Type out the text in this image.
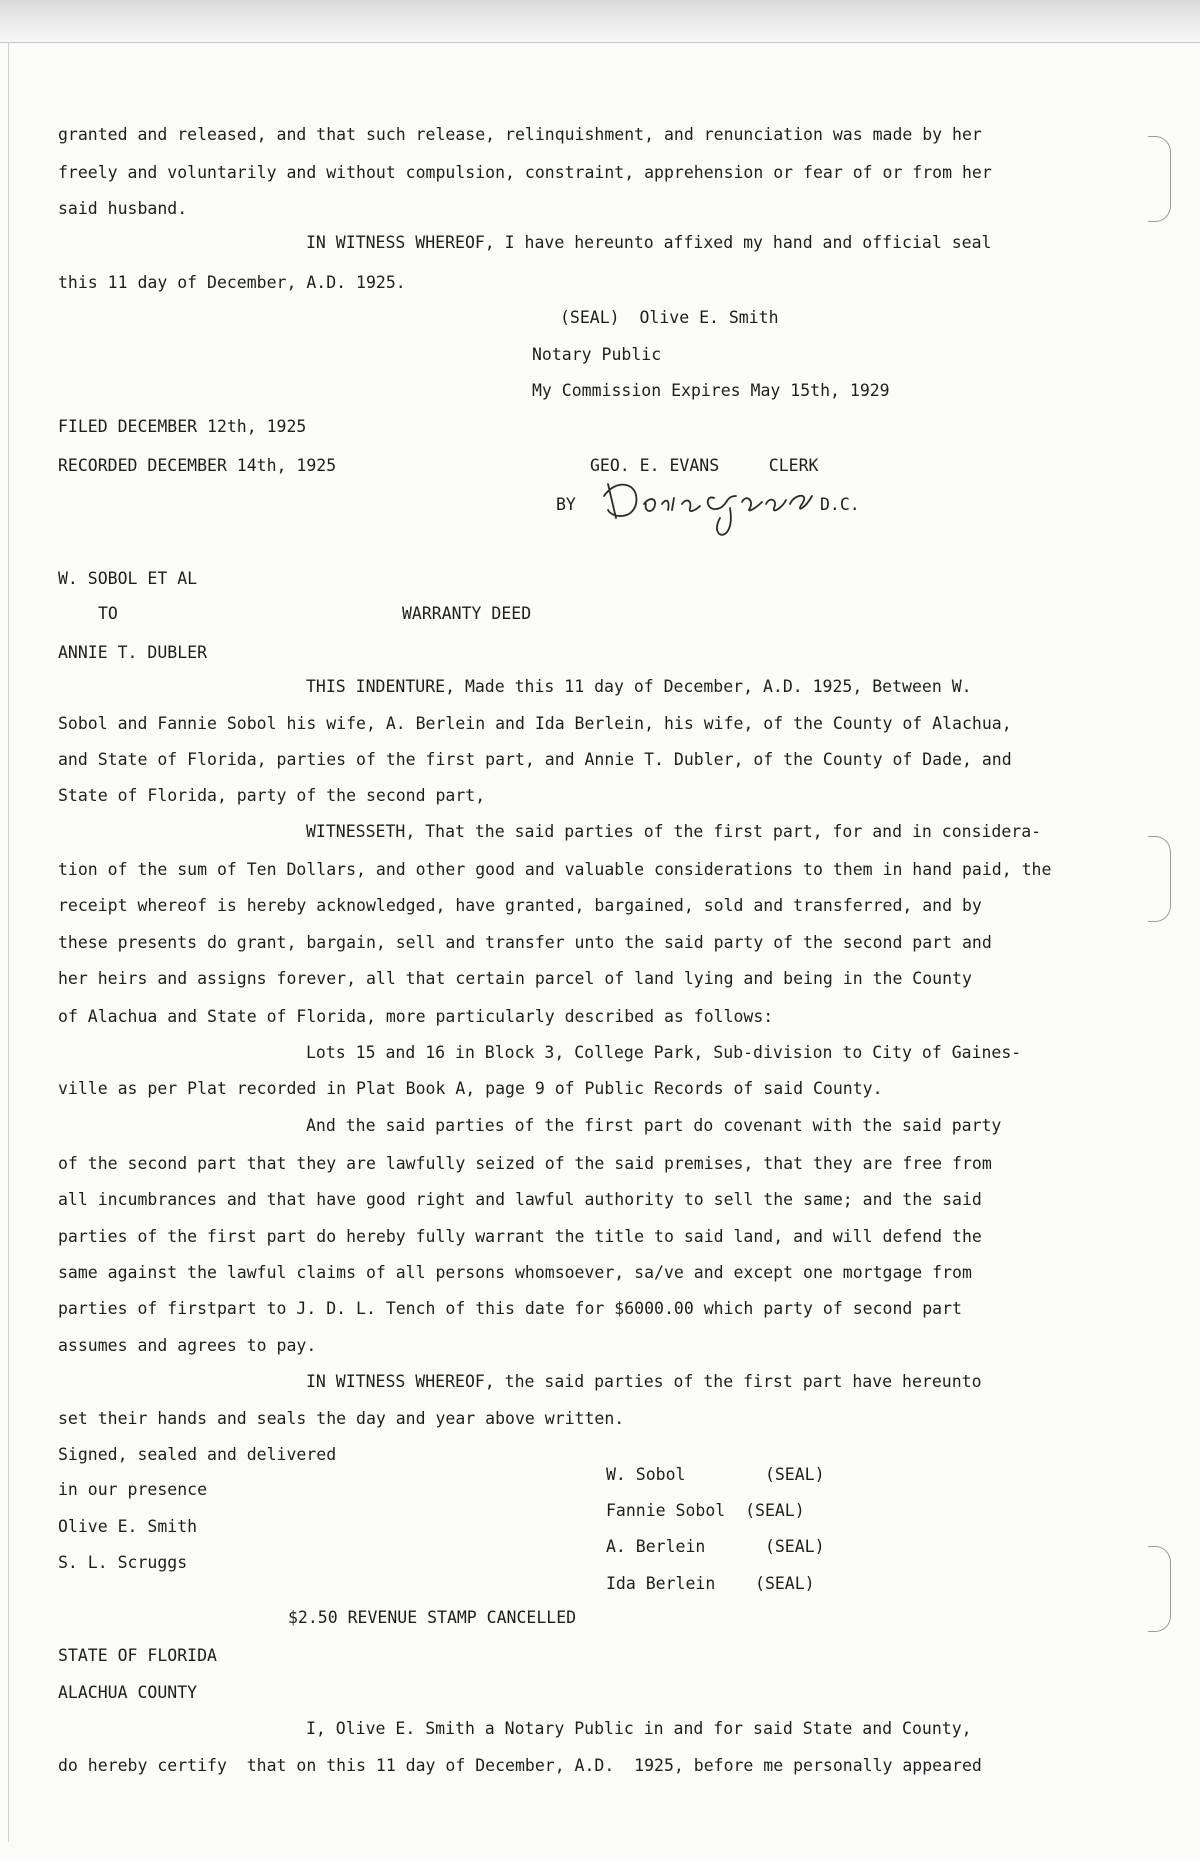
granted and released, and that such release, relinquishment, and renunciation was made by her
freely and voluntarily and without compulsion, constraint, apprehension or fear of or from her
said husband.
IN WITNESS WHEREOF, I have hereunto affixed my hand and official seal
this 11 day of December, A.D. 1925.
(SEAL)  Olive E. Smith
Notary Public
My Commission Expires May 15th, 1929
FILED DECEMBER 12th, 1925
RECORDED DECEMBER 14th, 1925	GEO. E. EVANS     CLERK
BY	D.C.
W. SOBOL ET AL
TO	WARRANTY DEED
ANNIE T. DUBLER
THIS INDENTURE, Made this 11 day of December, A.D. 1925, Between W.
Sobol and Fannie Sobol his wife, A. Berlein and Ida Berlein, his wife, of the County of Alachua,
and State of Florida, parties of the first part, and Annie T. Dubler, of the County of Dade, and
State of Florida, party of the second part,
WITNESSETH, That the said parties of the first part, for and in considera-
tion of the sum of Ten Dollars, and other good and valuable considerations to them in hand paid, the
receipt whereof is hereby acknowledged, have granted, bargained, sold and transferred, and by
these presents do grant, bargain, sell and transfer unto the said party of the second part and
her heirs and assigns forever, all that certain parcel of land lying and being in the County
of Alachua and State of Florida, more particularly described as follows:
Lots 15 and 16 in Block 3, College Park, Sub-division to City of Gaines-
ville as per Plat recorded in Plat Book A, page 9 of Public Records of said County.
And the said parties of the first part do covenant with the said party
of the second part that they are lawfully seized of the said premises, that they are free from
all incumbrances and that have good right and lawful authority to sell the same; and the said
parties of the first part do hereby fully warrant the title to said land, and will defend the
same against the lawful claims of all persons whomsoever, sa/ve and except one mortgage from
parties of firstpart to J. D. L. Tench of this date for $6000.00 which party of second part
assumes and agrees to pay.
IN WITNESS WHEREOF, the said parties of the first part have hereunto
set their hands and seals the day and year above written.
Signed, sealed and delivered
in our presence
Olive E. Smith
S. L. Scruggs
W. Sobol        (SEAL)
Fannie Sobol  (SEAL)
A. Berlein      (SEAL)
Ida Berlein    (SEAL)
$2.50 REVENUE STAMP CANCELLED
STATE OF FLORIDA
ALACHUA COUNTY
I, Olive E. Smith a Notary Public in and for said State and County,
do hereby certify  that on this 11 day of December, A.D.  1925, before me personally appeared
